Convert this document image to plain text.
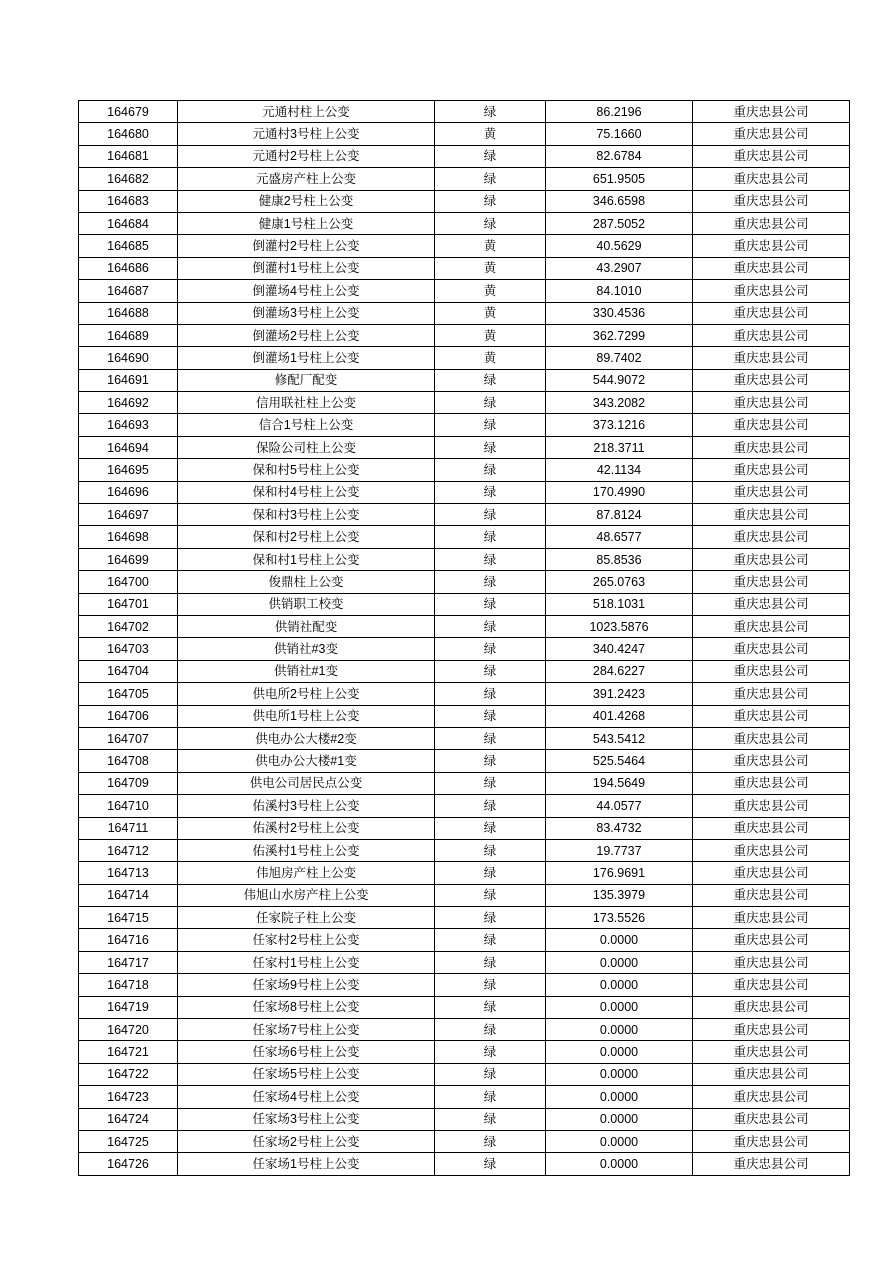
164679	元通村柱上公变	绿	86.2196	重庆忠县公司
164680	元通村3号柱上公变	黄	75.1660	重庆忠县公司
164681	元通村2号柱上公变	绿	82.6784	重庆忠县公司
164682	元盛房产柱上公变	绿	651.9505	重庆忠县公司
164683	健康2号柱上公变	绿	346.6598	重庆忠县公司
164684	健康1号柱上公变	绿	287.5052	重庆忠县公司
164685	倒灌村2号柱上公变	黄	40.5629	重庆忠县公司
164686	倒灌村1号柱上公变	黄	43.2907	重庆忠县公司
164687	倒灌场4号柱上公变	黄	84.1010	重庆忠县公司
164688	倒灌场3号柱上公变	黄	330.4536	重庆忠县公司
164689	倒灌场2号柱上公变	黄	362.7299	重庆忠县公司
164690	倒灌场1号柱上公变	黄	89.7402	重庆忠县公司
164691	修配厂配变	绿	544.9072	重庆忠县公司
164692	信用联社柱上公变	绿	343.2082	重庆忠县公司
164693	信合1号柱上公变	绿	373.1216	重庆忠县公司
164694	保险公司柱上公变	绿	218.3711	重庆忠县公司
164695	保和村5号柱上公变	绿	42.1134	重庆忠县公司
164696	保和村4号柱上公变	绿	170.4990	重庆忠县公司
164697	保和村3号柱上公变	绿	87.8124	重庆忠县公司
164698	保和村2号柱上公变	绿	48.6577	重庆忠县公司
164699	保和村1号柱上公变	绿	85.8536	重庆忠县公司
164700	俊鼎柱上公变	绿	265.0763	重庆忠县公司
164701	供销职工校变	绿	518.1031	重庆忠县公司
164702	供销社配变	绿	1023.5876	重庆忠县公司
164703	供销社#3变	绿	340.4247	重庆忠县公司
164704	供销社#1变	绿	284.6227	重庆忠县公司
164705	供电所2号柱上公变	绿	391.2423	重庆忠县公司
164706	供电所1号柱上公变	绿	401.4268	重庆忠县公司
164707	供电办公大楼#2变	绿	543.5412	重庆忠县公司
164708	供电办公大楼#1变	绿	525.5464	重庆忠县公司
164709	供电公司居民点公变	绿	194.5649	重庆忠县公司
164710	佑溪村3号柱上公变	绿	44.0577	重庆忠县公司
164711	佑溪村2号柱上公变	绿	83.4732	重庆忠县公司
164712	佑溪村1号柱上公变	绿	19.7737	重庆忠县公司
164713	伟旭房产柱上公变	绿	176.9691	重庆忠县公司
164714	伟旭山水房产柱上公变	绿	135.3979	重庆忠县公司
164715	任家院子柱上公变	绿	173.5526	重庆忠县公司
164716	任家村2号柱上公变	绿	0.0000	重庆忠县公司
164717	任家村1号柱上公变	绿	0.0000	重庆忠县公司
164718	任家场9号柱上公变	绿	0.0000	重庆忠县公司
164719	任家场8号柱上公变	绿	0.0000	重庆忠县公司
164720	任家场7号柱上公变	绿	0.0000	重庆忠县公司
164721	任家场6号柱上公变	绿	0.0000	重庆忠县公司
164722	任家场5号柱上公变	绿	0.0000	重庆忠县公司
164723	任家场4号柱上公变	绿	0.0000	重庆忠县公司
164724	任家场3号柱上公变	绿	0.0000	重庆忠县公司
164725	任家场2号柱上公变	绿	0.0000	重庆忠县公司
164726	任家场1号柱上公变	绿	0.0000	重庆忠县公司
